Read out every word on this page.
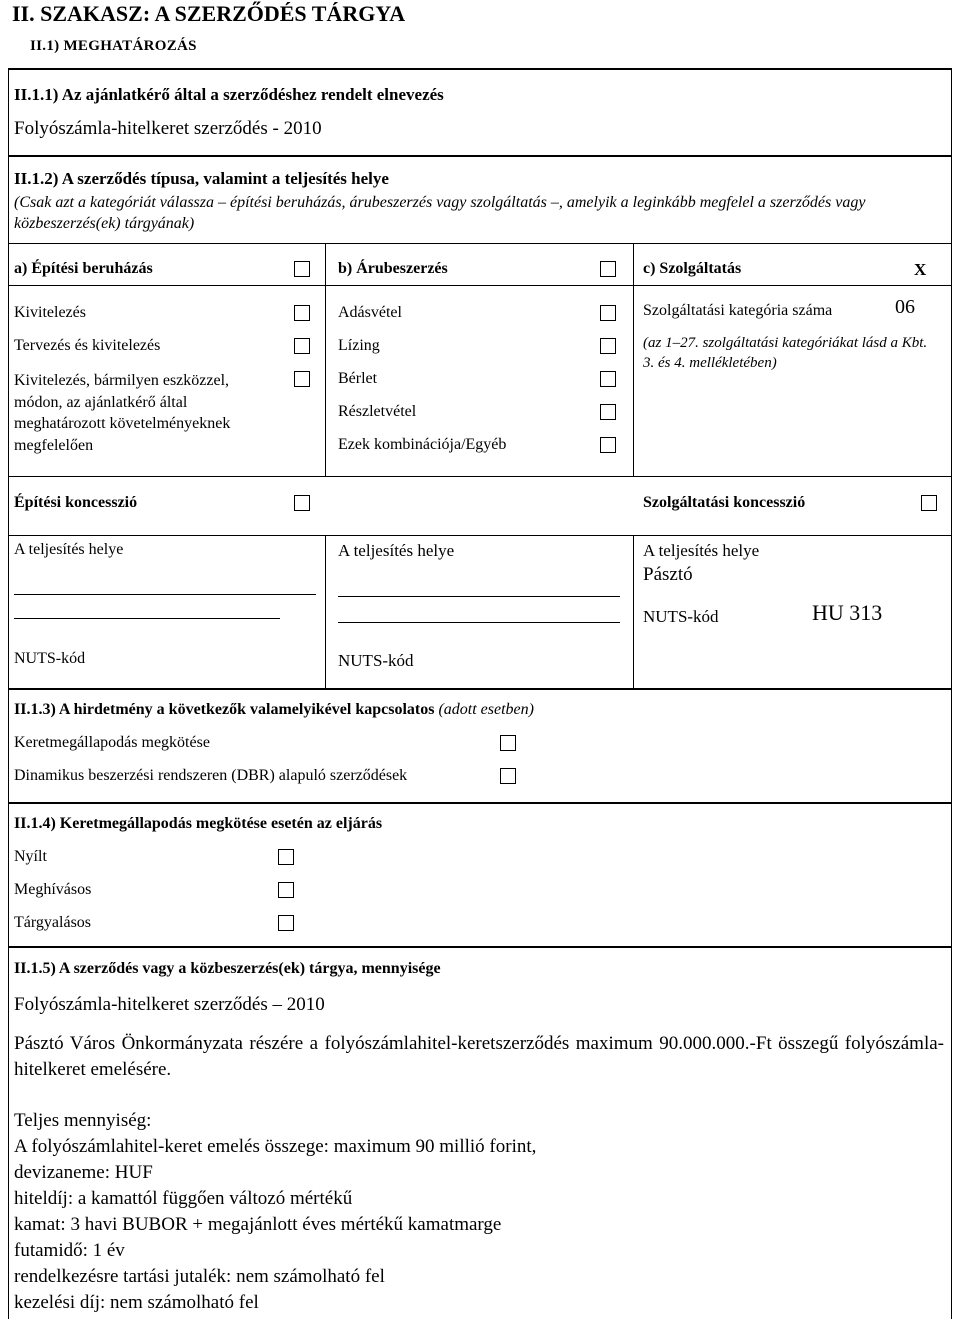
II. SZAKASZ: A SZERZŐDÉS TÁRGYA
II.1) MEGHATÁROZÁS
II.1.1) Az ajánlatkérő által a szerződéshez rendelt elnevezés
Folyószámla-hitelkeret szerződés - 2010
II.1.2) A szerződés típusa, valamint a teljesítés helye
(Csak azt a kategóriát válassza – építési beruházás, árubeszerzés vagy szolgáltatás –, amelyik a leginkább megfelel a szerződés vagy közbeszerzés(ek) tárgyának)
a) Építési beruházás	b) Árubeszerzés	c) Szolgáltatás	X
Kivitelezés
Tervezés és kivitelezés
Kivitelezés, bármilyen eszközzel, módon, az ajánlatkérő által meghatározott követelményeknek megfelelően
Adásvétel
Lízing
Bérlet
Részletvétel
Ezek kombinációja/Egyéb
Szolgáltatási kategória száma	06
(az 1–27. szolgáltatási kategóriákat lásd a Kbt. 3. és 4. mellékletében)
Építési koncesszió	Szolgáltatási koncesszió
A teljesítés helye
NUTS-kód
A teljesítés helye
NUTS-kód
A teljesítés helye
Pásztó
NUTS-kód	HU 313
II.1.3) A hirdetmény a következők valamelyikével kapcsolatos (adott esetben)
Keretmegállapodás megkötése
Dinamikus beszerzési rendszeren (DBR) alapuló szerződések
II.1.4) Keretmegállapodás megkötése esetén az eljárás
Nyílt
Meghívásos
Tárgyalásos
II.1.5) A szerződés vagy a közbeszerzés(ek) tárgya, mennyisége
Folyószámla-hitelkeret szerződés – 2010
Pásztó Város Önkormányzata részére a folyószámlahitel-keretszerződés maximum 90.000.000.-Ft összegű folyószámla-hitelkeret emelésére.
Teljes mennyiség:
A folyószámlahitel-keret emelés összege: maximum 90 millió forint,
devizaneme: HUF
hiteldíj: a kamattól függően változó mértékű
kamat: 3 havi BUBOR + megajánlott éves mértékű kamatmarge
futamidő: 1 év
rendelkezésre tartási jutalék: nem számolható fel
kezelési díj: nem számolható fel
